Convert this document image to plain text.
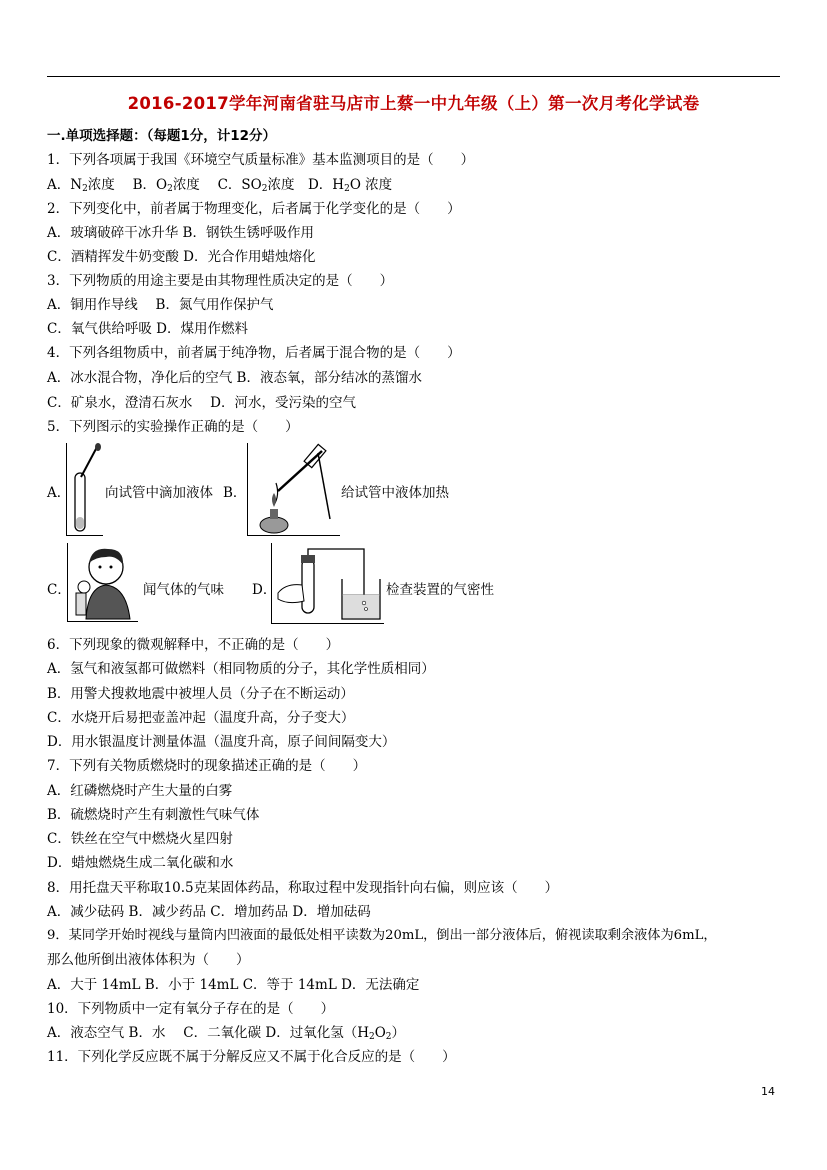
2016-2017学年河南省驻马店市上蔡一中九年级（上）第一次月考化学试卷
一.单项选择题：（每题1分，计12分）
1．下列各项属于我国《环境空气质量标准》基本监测项目的是（　　）
A．$N_2$浓度　 B．$O_2$浓度　 C．$SO_2$浓度　D．$H_2O$ 浓度
2．下列变化中，前者属于物理变化，后者属于化学变化的是（　　）
A．玻璃破碎干冰升华 B．钢铁生锈呼吸作用
C．酒精挥发牛奶变酸 D．光合作用蜡烛熔化
3．下列物质的用途主要是由其物理性质决定的是（　　）
A．铜用作导线　 B．氮气用作保护气
C．氧气供给呼吸 D．煤用作燃料
4．下列各组物质中，前者属于纯净物，后者属于混合物的是（　　）
A．冰水混合物，净化后的空气 B．液态氧，部分结冰的蒸馏水
C．矿泉水，澄清石灰水　 D．河水，受污染的空气
5．下列图示的实验操作正确的是（　　）
A．	向试管中滴加液体 B．	给试管中液体加热
C．	闻气体的气味 D．	检查装置的气密性
6．下列现象的微观解释中，不正确的是（　　）
A．氢气和液氢都可做燃料（相同物质的分子，其化学性质相同）
B．用警犬搜救地震中被埋人员（分子在不断运动）
C．水烧开后易把壶盖冲起（温度升高，分子变大）
D．用水银温度计测量体温（温度升高，原子间间隔变大）
7．下列有关物质燃烧时的现象描述正确的是（　　）
A．红磷燃烧时产生大量的白雾
B．硫燃烧时产生有刺激性气味气体
C．铁丝在空气中燃烧火星四射
D．蜡烛燃烧生成二氧化碳和水
8．用托盘天平称取10.5克某固体药品，称取过程中发现指针向右偏，则应该（　　）
A．减少砝码 B．减少药品 C．增加药品 D．增加砝码
9．某同学开始时视线与量筒内凹液面的最低处相平读数为20mL，倒出一部分液体后，俯视读取剩余液体为6mL，
那么他所倒出液体体积为（　　）
A．大于 14mL B．小于 14mL C．等于 14mL D．无法确定
10．下列物质中一定有氧分子存在的是（　　）
A．液态空气 B．水　 C．二氧化碳 D．过氧化氢$(H_2O_2)$
11．下列化学反应既不属于分解反应又不属于化合反应的是（　　）
14
